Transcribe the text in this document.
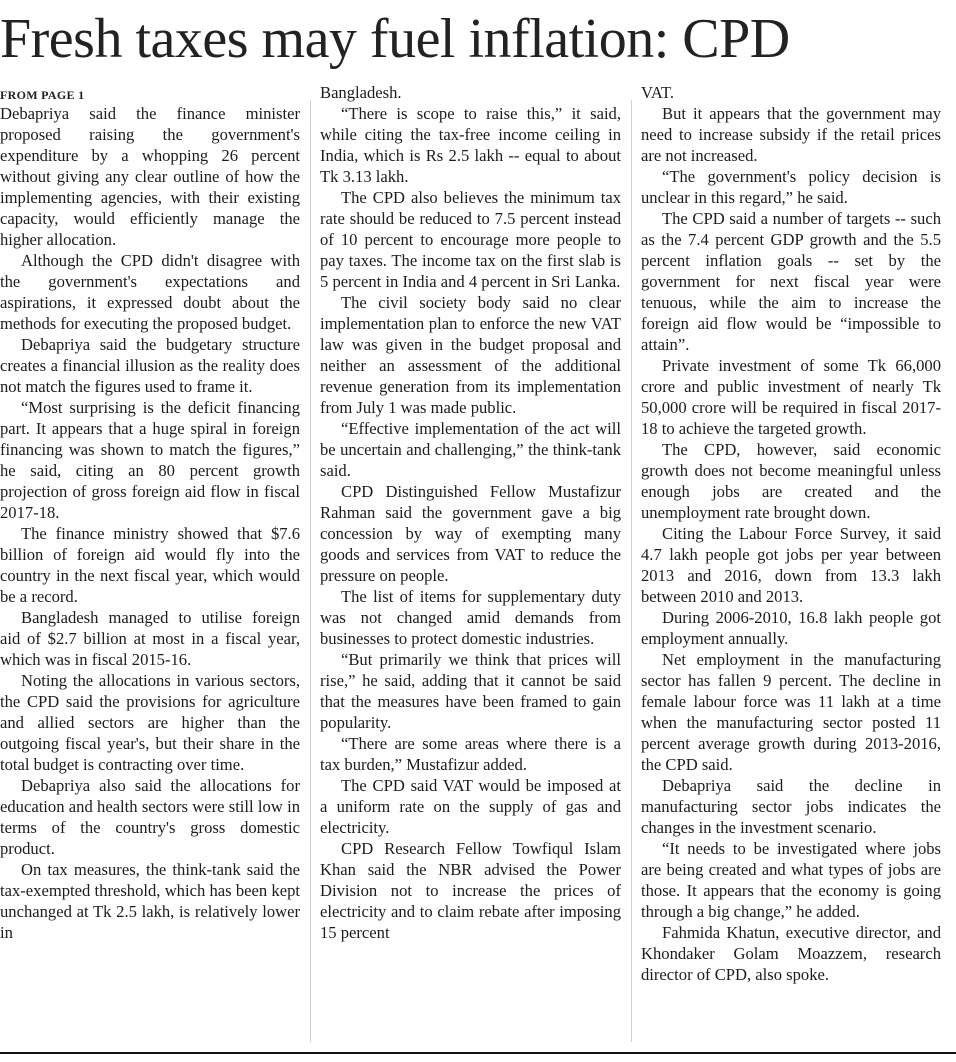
Fresh taxes may fuel inflation: CPD
FROM PAGE 1

Debapriya said the finance minister proposed raising the government's expenditure by a whopping 26 percent without giving any clear outline of how the implementing agencies, with their existing capacity, would efficiently manage the higher allocation.

Although the CPD didn't disagree with the government's expectations and aspirations, it expressed doubt about the methods for executing the proposed budget.

Debapriya said the budgetary structure creates a financial illusion as the reality does not match the figures used to frame it.

“Most surprising is the deficit financing part. It appears that a huge spiral in foreign financing was shown to match the figures,” he said, citing an 80 percent growth projection of gross foreign aid flow in fiscal 2017-18.

The finance ministry showed that $7.6 billion of foreign aid would fly into the country in the next fiscal year, which would be a record.

Bangladesh managed to utilise foreign aid of $2.7 billion at most in a fiscal year, which was in fiscal 2015-16.

Noting the allocations in various sectors, the CPD said the provisions for agriculture and allied sectors are higher than the outgoing fiscal year's, but their share in the total budget is contracting over time.

Debapriya also said the allocations for education and health sectors were still low in terms of the country's gross domestic product.

On tax measures, the think-tank said the tax-exempted threshold, which has been kept unchanged at Tk 2.5 lakh, is relatively lower in

Bangladesh.

“There is scope to raise this,” it said, while citing the tax-free income ceiling in India, which is Rs 2.5 lakh -- equal to about Tk 3.13 lakh.

The CPD also believes the minimum tax rate should be reduced to 7.5 percent instead of 10 percent to encourage more people to pay taxes. The income tax on the first slab is 5 percent in India and 4 percent in Sri Lanka.

The civil society body said no clear implementation plan to enforce the new VAT law was given in the budget proposal and neither an assessment of the additional revenue generation from its implementation from July 1 was made public.

“Effective implementation of the act will be uncertain and challenging,” the think-tank said.

CPD Distinguished Fellow Mustafizur Rahman said the government gave a big concession by way of exempting many goods and services from VAT to reduce the pressure on people.

The list of items for supplementary duty was not changed amid demands from businesses to protect domestic industries.

“But primarily we think that prices will rise,” he said, adding that it cannot be said that the measures have been framed to gain popularity.

“There are some areas where there is a tax burden,” Mustafizur added.

The CPD said VAT would be imposed at a uniform rate on the supply of gas and electricity.

CPD Research Fellow Towfiqul Islam Khan said the NBR advised the Power Division not to increase the prices of electricity and to claim rebate after imposing 15 percent

VAT.

But it appears that the government may need to increase subsidy if the retail prices are not increased.

“The government's policy decision is unclear in this regard,” he said.

The CPD said a number of targets -- such as the 7.4 percent GDP growth and the 5.5 percent inflation goals -- set by the government for next fiscal year were tenuous, while the aim to increase the foreign aid flow would be “impossible to attain”.

Private investment of some Tk 66,000 crore and public investment of nearly Tk 50,000 crore will be required in fiscal 2017-18 to achieve the targeted growth.

The CPD, however, said economic growth does not become meaningful unless enough jobs are created and the unemployment rate brought down.

Citing the Labour Force Survey, it said 4.7 lakh people got jobs per year between 2013 and 2016, down from 13.3 lakh between 2010 and 2013.

During 2006-2010, 16.8 lakh people got employment annually.

Net employment in the manufacturing sector has fallen 9 percent. The decline in female labour force was 11 lakh at a time when the manufacturing sector posted 11 percent average growth during 2013-2016, the CPD said.

Debapriya said the decline in manufacturing sector jobs indicates the changes in the investment scenario.

“It needs to be investigated where jobs are being created and what types of jobs are those. It appears that the economy is going through a big change,” he added.

Fahmida Khatun, executive director, and Khondaker Golam Moazzem, research director of CPD, also spoke.
